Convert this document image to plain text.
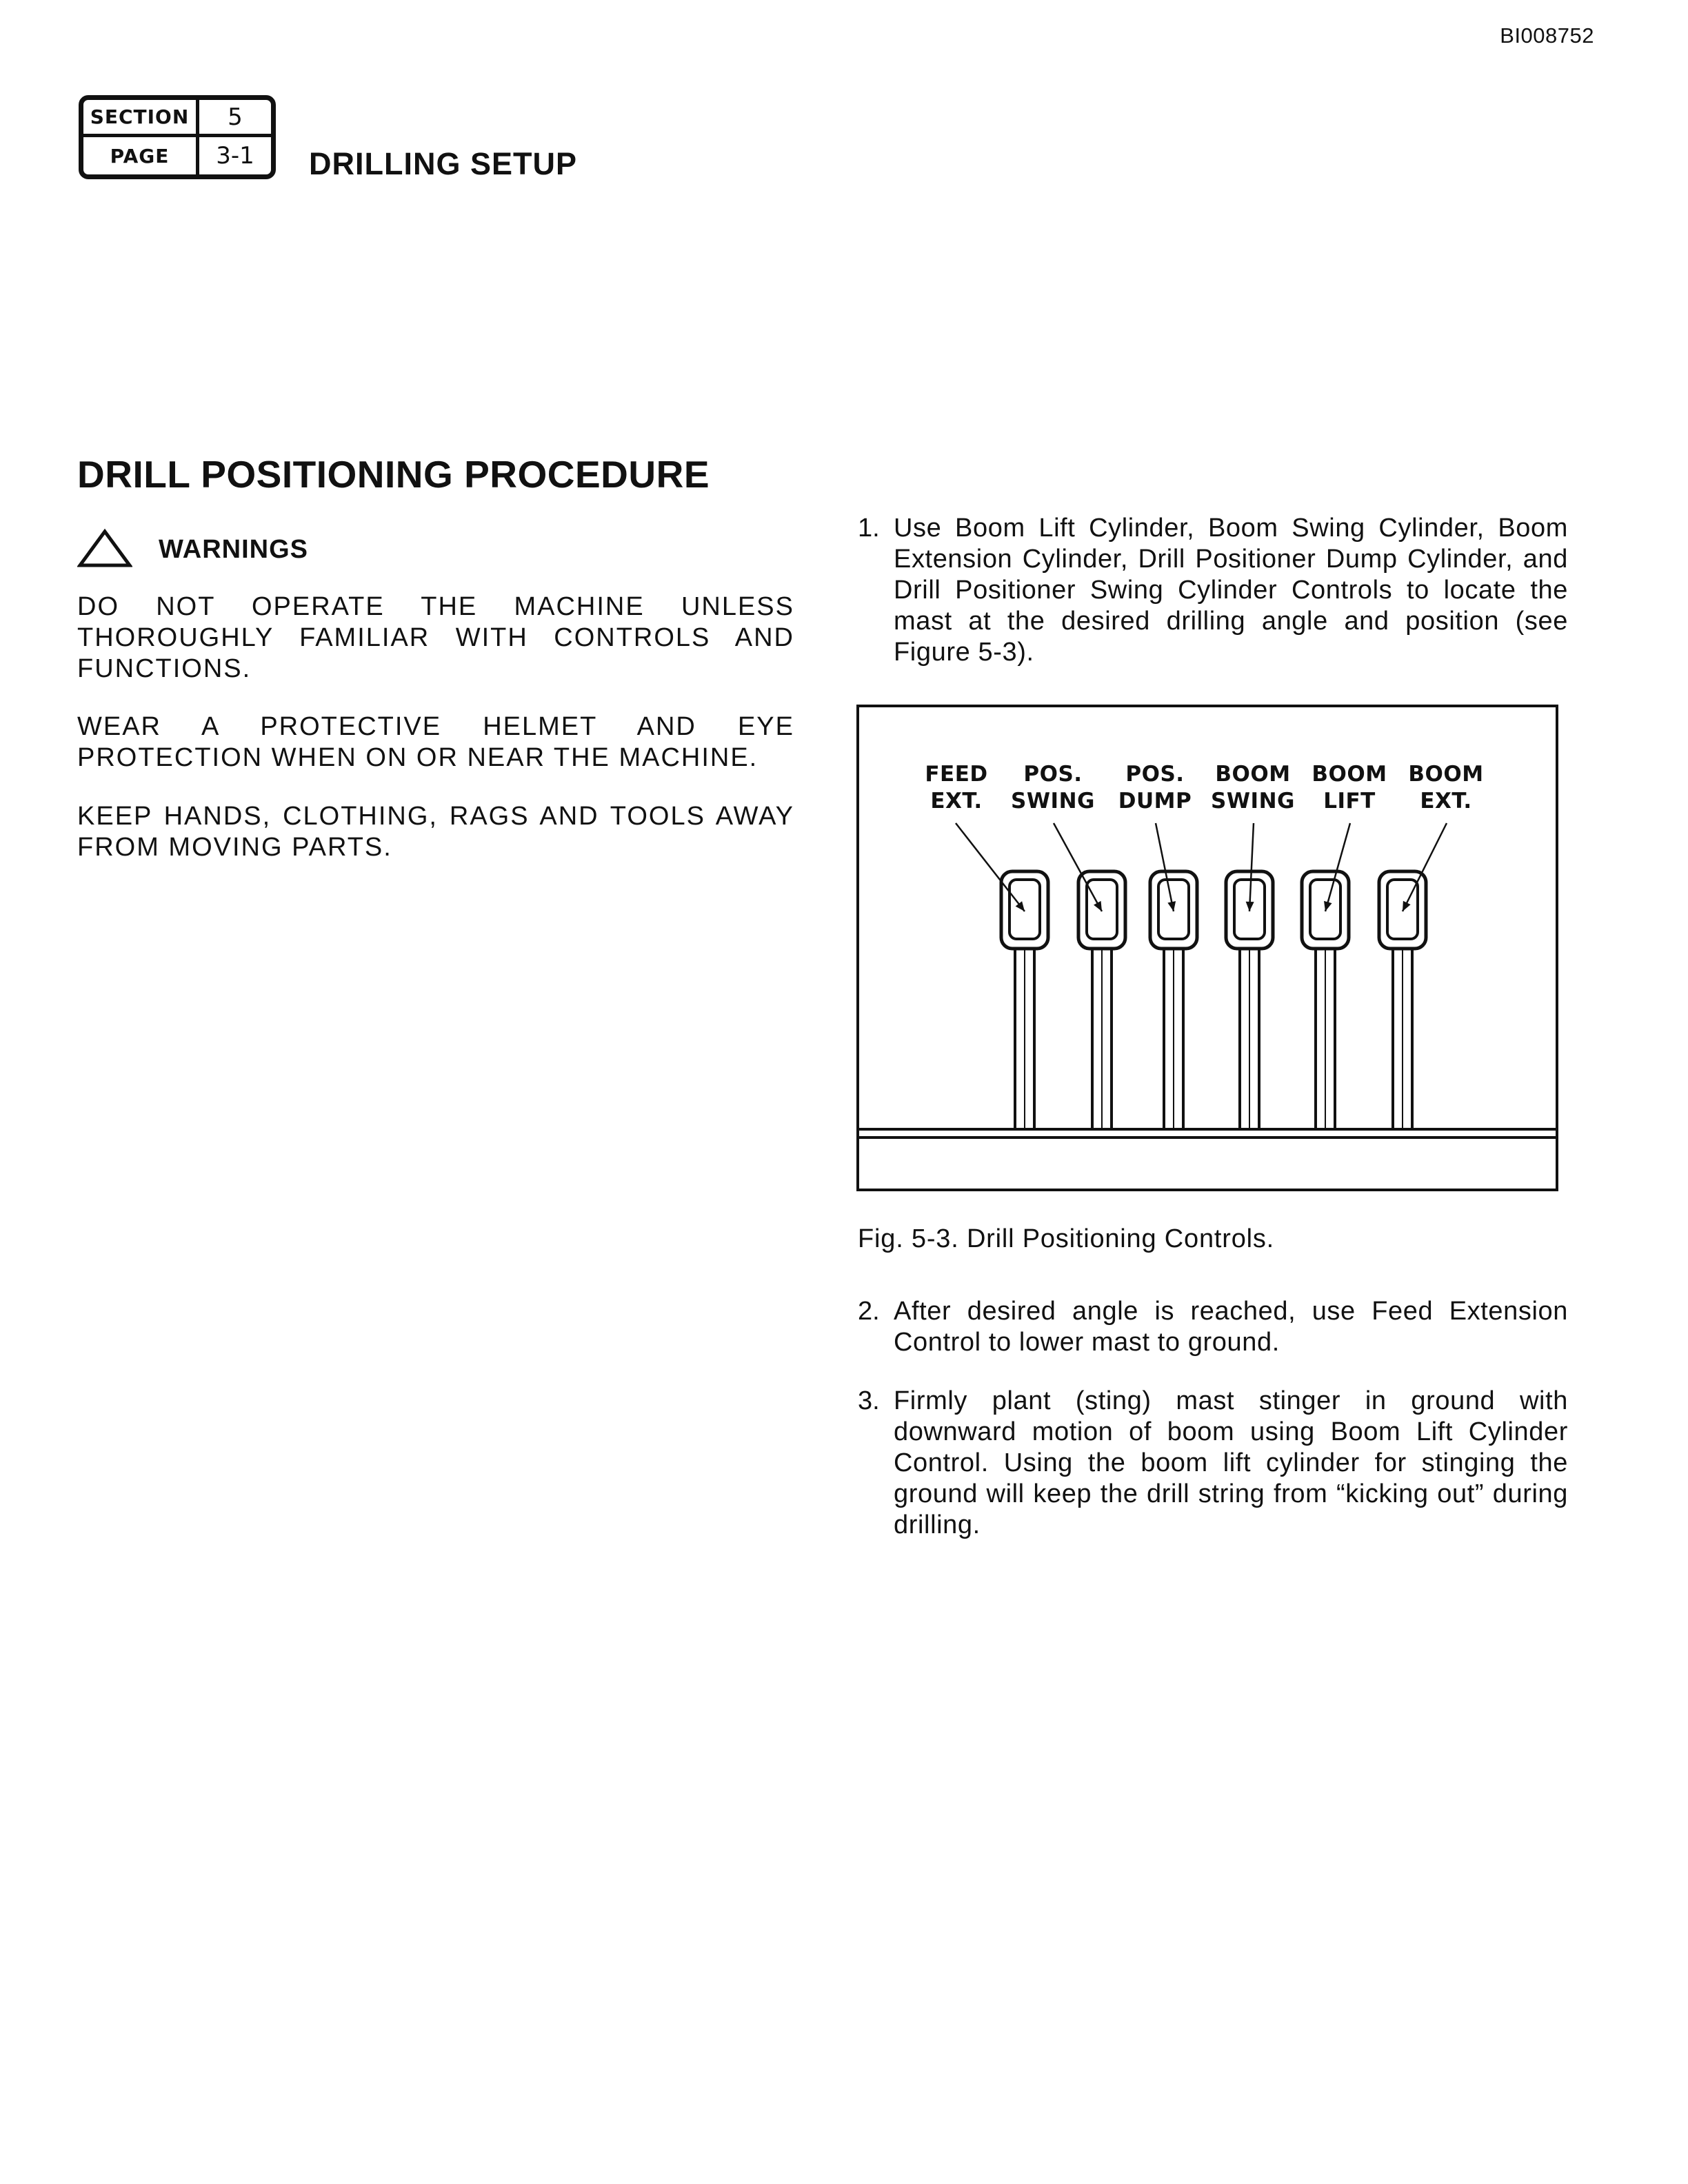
BI008752
SECTION	5
PAGE	3-1	DRILLING SETUP
DRILL POSITIONING PROCEDURE
WARNINGS
DO NOT OPERATE THE MACHINE UNLESS THOROUGHLY FAMILIAR WITH CONTROLS AND FUNCTIONS.
WEAR A PROTECTIVE HELMET AND EYE PROTECTION WHEN ON OR NEAR THE MACHINE.
KEEP HANDS, CLOTHING, RAGS AND TOOLS AWAY FROM MOVING PARTS.
1. Use Boom Lift Cylinder, Boom Swing Cylinder, Boom Extension Cylinder, Drill Positioner Dump Cylinder, and Drill Positioner Swing Cylinder Controls to locate the mast at the desired drilling angle and position (see Figure 5-3).
FEED
EXT.
POS.
SWING
POS.
DUMP
BOOM
SWING
BOOM
LIFT
BOOM
EXT.
Fig. 5-3. Drill Positioning Controls.
2. After desired angle is reached, use Feed Extension Control to lower mast to ground.
3. Firmly plant (sting) mast stinger in ground with downward motion of boom using Boom Lift Cylinder Control. Using the boom lift cylinder for stinging the ground will keep the drill string from “kicking out” during drilling.
